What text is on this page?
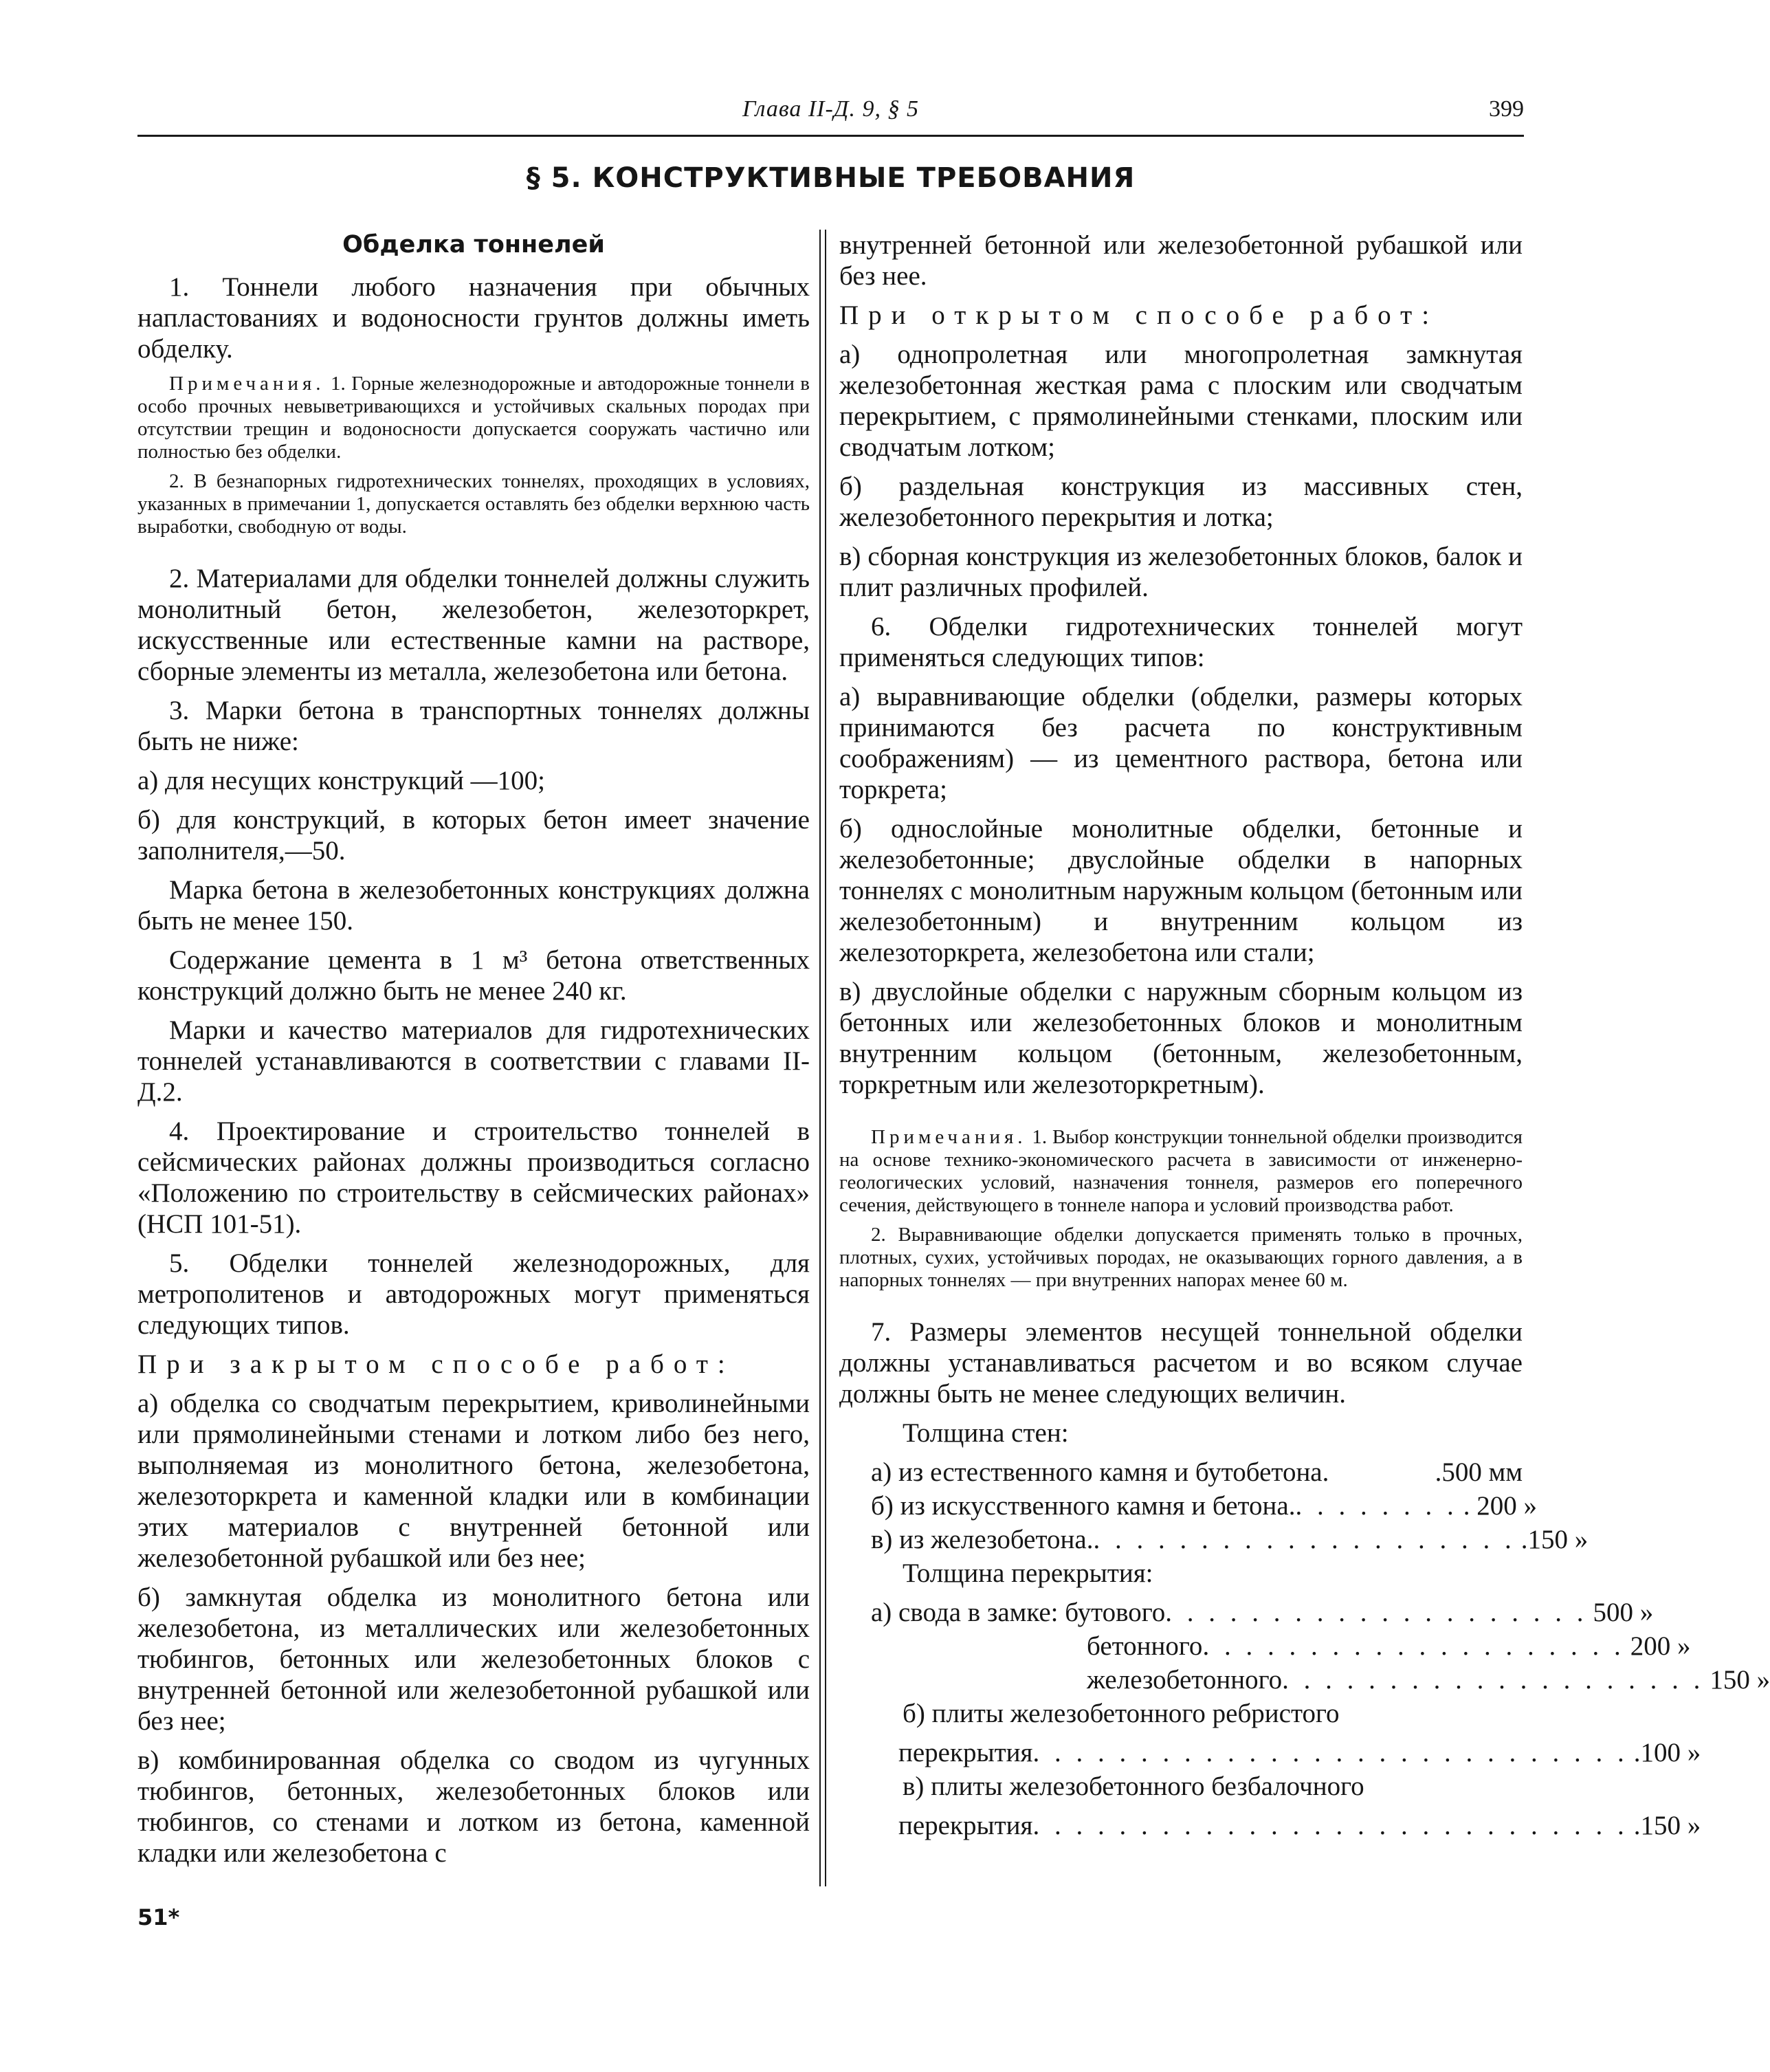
Глава II-Д. 9, § 5	399
§ 5. КОНСТРУКТИВНЫЕ ТРЕБОВАНИЯ
Обделка тоннелей

1. Тоннели любого назначения при обычных напластованиях и водоносности грунтов должны иметь обделку.

Примечания. 1. Горные железнодорожные и автодорожные тоннели в особо прочных невыветривающихся и устойчивых скальных породах при отсутствии трещин и водоносности допускается сооружать частично или полностью без обделки.
2. В безнапорных гидротехнических тоннелях, проходящих в условиях, указанных в примечании 1, допускается оставлять без обделки верхнюю часть выработки, свободную от воды.

2. Материалами для обделки тоннелей должны служить монолитный бетон, железобетон, железоторкрет, искусственные или естественные камни на растворе, сборные элементы из металла, железобетона или бетона.

3. Марки бетона в транспортных тоннелях должны быть не ниже:

а) для несущих конструкций —100;

б) для конструкций, в которых бетон имеет значение заполнителя,—50.

Марка бетона в железобетонных конструкциях должна быть не менее 150.

Содержание цемента в 1 м³ бетона ответственных конструкций должно быть не менее 240 кг.

Марки и качество материалов для гидротехнических тоннелей устанавливаются в соответствии с главами II-Д.2.

4. Проектирование и строительство тоннелей в сейсмических районах должны производиться согласно «Положению по строительству в сейсмических районах» (НСП 101-51).

5. Обделки тоннелей железнодорожных, для метрополитенов и автодорожных могут применяться следующих типов.

При закрытом способе работ:

а) обделка со сводчатым перекрытием, криволинейными или прямолинейными стенами и лотком либо без него, выполняемая из монолитного бетона, железобетона, железоторкрета и каменной кладки или в комбинации этих материалов с внутренней бетонной или железобетонной рубашкой или без нее;

б) замкнутая обделка из монолитного бетона или железобетона, из металлических или железобетонных тюбингов, бетонных или железобетонных блоков с внутренней бетонной или железобетонной рубашкой или без нее;

в) комбинированная обделка со сводом из чугунных тюбингов, бетонных, железобетонных блоков или тюбингов, со стенами и лотком из бетона, каменной кладки или железобетона с

внутренней бетонной или железобетонной рубашкой или без нее.

При открытом способе работ:

а) однопролетная или многопролетная замкнутая железобетонная жесткая рама с плоским или сводчатым перекрытием, с прямолинейными стенками, плоским или сводчатым лотком;

б) раздельная конструкция из массивных стен, железобетонного перекрытия и лотка;

в) сборная конструкция из железобетонных блоков, балок и плит различных профилей.

6. Обделки гидротехнических тоннелей могут применяться следующих типов:

а) выравнивающие обделки (обделки, размеры которых принимаются без расчета по конструктивным соображениям) — из цементного раствора, бетона или торкрета;

б) однослойные монолитные обделки, бетонные и железобетонные; двуслойные обделки в напорных тоннелях с монолитным наружным кольцом (бетонным или железобетонным) и внутренним кольцом из железоторкрета, железобетона или стали;

в) двуслойные обделки с наружным сборным кольцом из бетонных или железобетонных блоков и монолитным внутренним кольцом (бетонным, железобетонным, торкретным или железоторкретным).

Примечания. 1. Выбор конструкции тоннельной обделки производится на основе технико-экономического расчета в зависимости от инженерно-геологических условий, назначения тоннеля, размеров его поперечного сечения, действующего в тоннеле напора и условий производства работ.
2. Выравнивающие обделки допускается применять только в прочных, плотных, сухих, устойчивых породах, не оказывающих горного давления, а в напорных тоннелях — при внутренних напорах менее 60 м.

7. Размеры элементов несущей тоннельной обделки должны устанавливаться расчетом и во всяком случае должны быть не менее следующих величин.

Толщина стен:

а) из естественного камня и бутобетона.	.500 мм
б) из искусственного камня и бетона. . . . . . . . . . 200 »
в) из железобетона. . . . . . . . . . . . . . . . . . . . . .150 »

Толщина перекрытия:

а) свода в замке: бутового . . . . . . . . . . . . . . . . . . . . 500 »
бетонного . . . . . . . . . . . . . . . . . . . . 200 »
железобетонного . . . . . . . . . . . . . . . . . . . . 150 »

б) плиты железобетонного ребристого

перекрытия . . . . . . . . . . . . . . . . . . . . . . . . . . . . .100 »

в) плиты железобетонного безбалочного

перекрытия . . . . . . . . . . . . . . . . . . . . . . . . . . . . .150 »
51*
